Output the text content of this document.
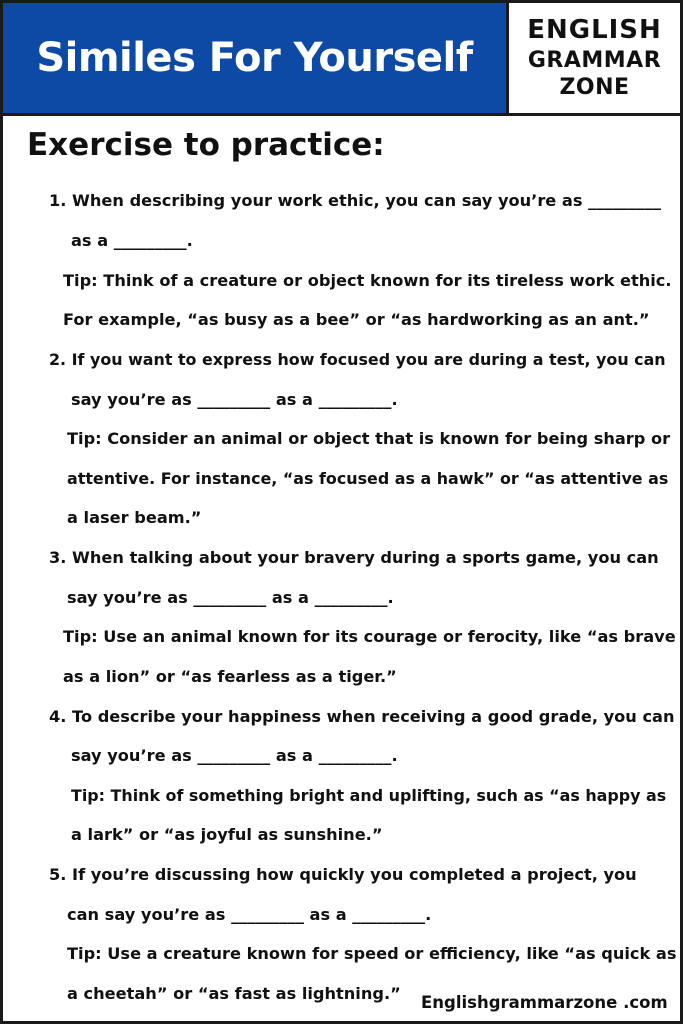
Similes For Yourself
ENGLISH
GRAMMAR
ZONE
Exercise to practice:
1. When describing your work ethic, you can say you’re as _________
as a _________.
Tip: Think of a creature or object known for its tireless work ethic.
For example, “as busy as a bee” or “as hardworking as an ant.”
2. If you want to express how focused you are during a test, you can
say you’re as _________ as a _________.
Tip: Consider an animal or object that is known for being sharp or
attentive. For instance, “as focused as a hawk” or “as attentive as
a laser beam.”
3. When talking about your bravery during a sports game, you can
say you’re as _________ as a _________.
Tip: Use an animal known for its courage or ferocity, like “as brave
as a lion” or “as fearless as a tiger.”
4. To describe your happiness when receiving a good grade, you can
say you’re as _________ as a _________.
Tip: Think of something bright and uplifting, such as “as happy as
a lark” or “as joyful as sunshine.”
5. If you’re discussing how quickly you completed a project, you
can say you’re as _________ as a _________.
Tip: Use a creature known for speed or efficiency, like “as quick as
a cheetah” or “as fast as lightning.” Englishgrammarzone .com
